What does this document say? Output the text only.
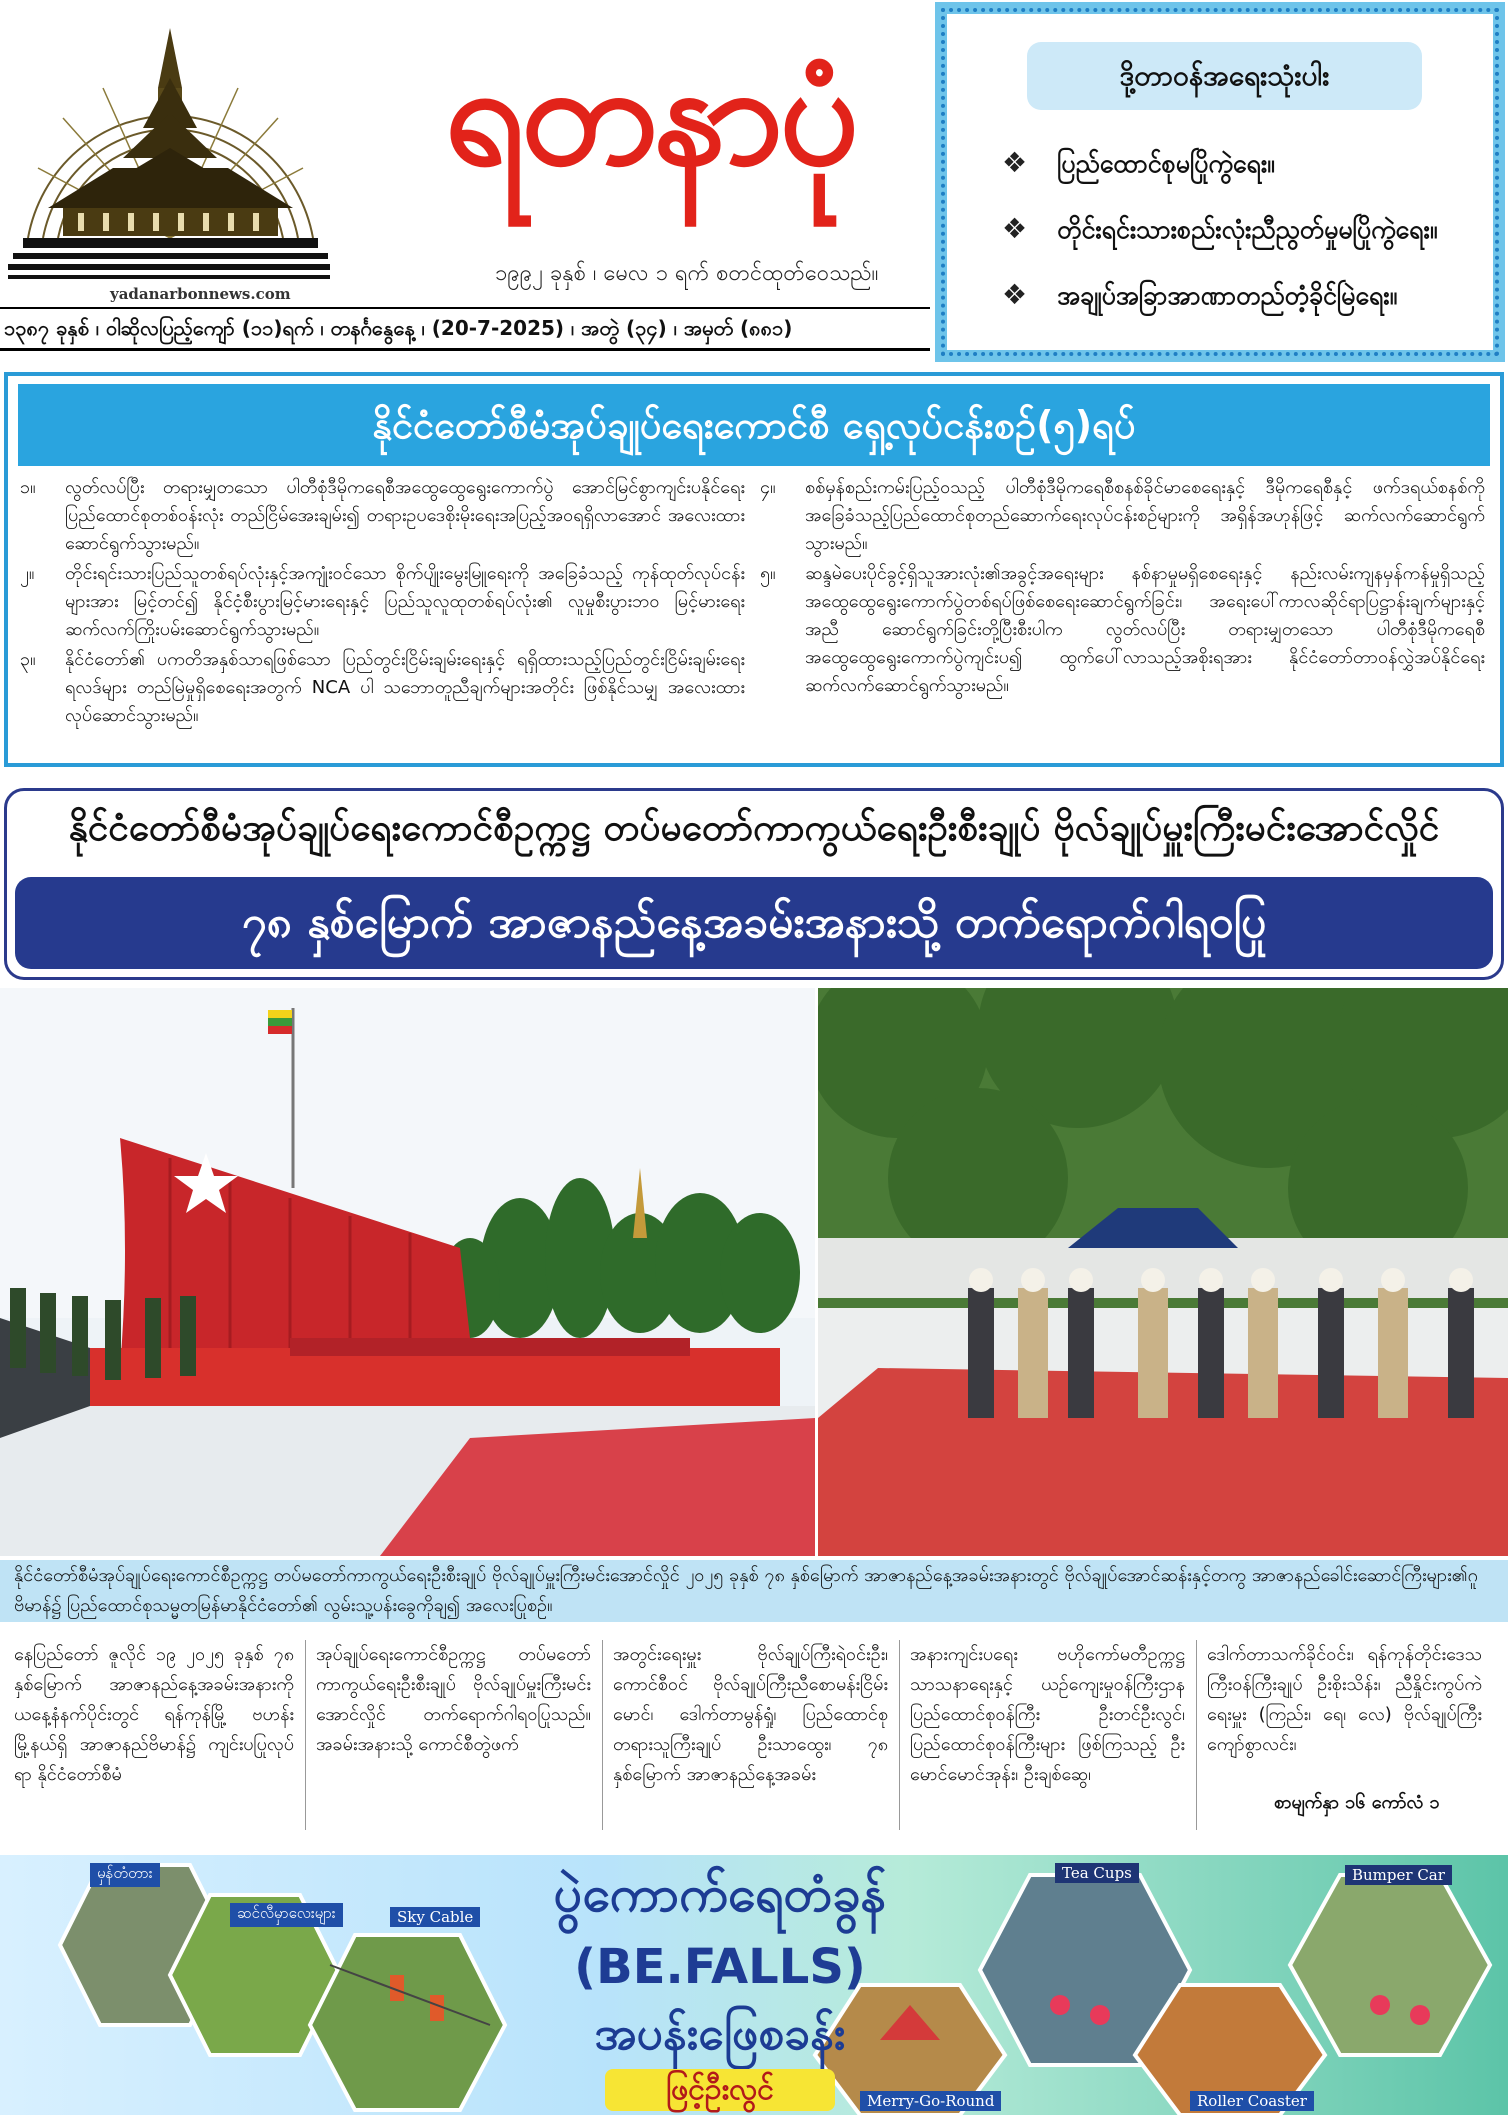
yadanarbonnews.com
ရတနာပုံ
၁၉၉၂ ခုနှစ် ၊ မေလ ၁ ရက် စတင်ထုတ်ဝေသည်။
၁၃၈၇ ခုနှစ် ၊ ဝါဆိုလပြည့်ကျော် (၁၁)ရက် ၊ တနင်္ဂနွေနေ့ ၊ (20-7-2025) ၊ အတွဲ (၃၄) ၊ အမှတ် (၈၈၁)
ဒို့တာဝန်အရေးသုံးပါး
❖ ပြည်ထောင်စုမပြိုကွဲရေး။
❖ တိုင်းရင်းသားစည်းလုံးညီညွတ်မှုမပြိုကွဲရေး။
❖ အချုပ်အခြာအာဏာတည်တံ့ခိုင်မြဲရေး။
နိုင်ငံတော်စီမံအုပ်ချုပ်ရေးကောင်စီ ရှေ့လုပ်ငန်းစဉ်(၅)ရပ်
၁။	လွတ်လပ်ပြီး တရားမျှတသော ပါတီစုံဒီမိုကရေစီအထွေထွေရွေးကောက်ပွဲ အောင်မြင်စွာကျင်းပနိုင်ရေး ပြည်ထောင်စုတစ်ဝန်းလုံး တည်ငြိမ်အေးချမ်း၍ တရားဥပဒေစိုးမိုးရေးအပြည့်အဝရရှိလာအောင် အလေးထားဆောင်ရွက်သွားမည်။
၂။	တိုင်းရင်းသားပြည်သူတစ်ရပ်လုံးနှင့်အကျုံးဝင်သော စိုက်ပျိုးမွေးမြူရေးကို အခြေခံသည့် ကုန်ထုတ်လုပ်ငန်းများအား မြင့်တင်၍ နိုင်ငံ့စီးပွားမြင့်မားရေးနှင့် ပြည်သူလူထုတစ်ရပ်လုံး၏ လူမှုစီးပွားဘဝ မြင့်မားရေး ဆက်လက်ကြိုးပမ်းဆောင်ရွက်သွားမည်။
၃။	နိုင်ငံတော်၏ ပကတိအနှစ်သာရဖြစ်သော ပြည်တွင်းငြိမ်းချမ်းရေးနှင့် ရရှိထားသည့်ပြည်တွင်းငြိမ်းချမ်းရေးရလဒ်များ တည်မြဲမှုရှိစေရေးအတွက် NCA ပါ သဘောတူညီချက်များအတိုင်း ဖြစ်နိုင်သမျှ အလေးထားလုပ်ဆောင်သွားမည်။
၄။	စစ်မှန်စည်းကမ်းပြည့်ဝသည့် ပါတီစုံဒီမိုကရေစီစနစ်ခိုင်မာစေရေးနှင့် ဒီမိုကရေစီနှင့် ဖက်ဒရယ်စနစ်ကို အခြေခံသည့်ပြည်ထောင်စုတည်ဆောက်ရေးလုပ်ငန်းစဉ်များကို အရှိန်အဟုန်ဖြင့် ဆက်လက်ဆောင်ရွက်သွားမည်။
၅။	ဆန္ဒမဲပေးပိုင်ခွင့်ရှိသူအားလုံး၏အခွင့်အရေးများ နစ်နာမှုမရှိစေရေးနှင့် နည်းလမ်းကျနမှန်ကန်မှုရှိသည့် အထွေထွေရွေးကောက်ပွဲတစ်ရပ်ဖြစ်စေရေးဆောင်ရွက်ခြင်း၊ အရေးပေါ်ကာလဆိုင်ရာပြဋ္ဌာန်းချက်များနှင့်အညီ ဆောင်ရွက်ခြင်းတို့ပြီးစီးပါက လွတ်လပ်ပြီး တရားမျှတသော ပါတီစုံဒီမိုကရေစီ အထွေထွေရွေးကောက်ပွဲကျင်းပ၍ ထွက်ပေါ်လာသည့်အစိုးရအား နိုင်ငံတော်တာဝန်လွှဲအပ်နိုင်ရေး ဆက်လက်ဆောင်ရွက်သွားမည်။
နိုင်ငံတော်စီမံအုပ်ချုပ်ရေးကောင်စီဥက္ကဋ္ဌ တပ်မတော်ကာကွယ်ရေးဦးစီးချုပ် ဗိုလ်ချုပ်မှူးကြီးမင်းအောင်လှိုင်
၇၈ နှစ်မြောက် အာဇာနည်နေ့အခမ်းအနားသို့ တက်ရောက်ဂါရဝပြု
နိုင်ငံတော်စီမံအုပ်ချုပ်ရေးကောင်စီဥက္ကဋ္ဌ တပ်မတော်ကာကွယ်ရေးဦးစီးချုပ် ဗိုလ်ချုပ်မှူးကြီးမင်းအောင်လှိုင် ၂၀၂၅ ခုနှစ် ၇၈ နှစ်မြောက် အာဇာနည်နေ့အခမ်းအနားတွင် ဗိုလ်ချုပ်အောင်ဆန်းနှင့်တကွ အာဇာနည်ခေါင်းဆောင်ကြီးများ၏ဂူဗိမာန်၌ ပြည်ထောင်စုသမ္မတမြန်မာနိုင်ငံတော်၏ လွမ်းသူ့ပန်းခွေကိုချ၍ အလေးပြုစဉ်။
နေပြည်တော် ဇူလိုင် ၁၉ ၂၀၂၅ ခုနှစ် ၇၈ နှစ်မြောက် အာဇာနည်နေ့အခမ်းအနားကို ယနေ့နံနက်ပိုင်းတွင် ရန်ကုန်မြို့ ဗဟန်းမြို့နယ်ရှိ အာဇာနည်ဗိမာန်၌ ကျင်းပပြုလုပ်ရာ နိုင်ငံတော်စီမံ
အုပ်ချုပ်ရေးကောင်စီဥက္ကဋ္ဌ တပ်မတော်ကာကွယ်ရေးဦးစီးချုပ် ဗိုလ်ချုပ်မှူးကြီးမင်းအောင်လှိုင် တက်ရောက်ဂါရဝပြုသည်။ အခမ်းအနားသို့ ကောင်စီတွဲဖက်
အတွင်းရေးမှူး ဗိုလ်ချုပ်ကြီးရဲဝင်းဦး၊ ကောင်စီဝင် ဗိုလ်ချုပ်ကြီးညီစောမန်းငြိမ်းမောင်၊ ဒေါက်တာမွန်ရှုံ၊ ပြည်ထောင်စုတရားသူကြီးချုပ် ဦးသာထွေး၊ ၇၈ နှစ်မြောက် အာဇာနည်နေ့အခမ်း
အနားကျင်းပရေး ဗဟိုကော်မတီဥက္ကဋ္ဌ သာသနာရေးနှင့် ယဉ်ကျေးမှုဝန်ကြီးဌာန ပြည်ထောင်စုဝန်ကြီး ဦးတင်ဦးလွင်၊ ပြည်ထောင်စုဝန်ကြီးများ ဖြစ်ကြသည့် ဦးမောင်မောင်အုန်း၊ ဦးချစ်ဆွေ၊
ဒေါက်တာသက်ခိုင်ဝင်း၊ ရန်ကုန်တိုင်းဒေသကြီးဝန်ကြီးချုပ် ဦးစိုးသိန်း၊ ညီနှိုင်းကွပ်ကဲရေးမှူး (ကြည်း၊ ရေ၊ လေ) ဗိုလ်ချုပ်ကြီးကျော်စွာလင်း၊
စာမျက်နှာ ၁၆ ကော်လံ ၁
ပွဲကောက်ရေတံခွန်
(BE.FALLS)
အပန်းဖြေစခန်း
ဖြင့်ဦးလွင်
မှန်တံတား
ဆင်လီမှာလေးများ	Sky Cable
Tea Cups	Bumper Car
Merry-Go-Round	Roller Coaster
